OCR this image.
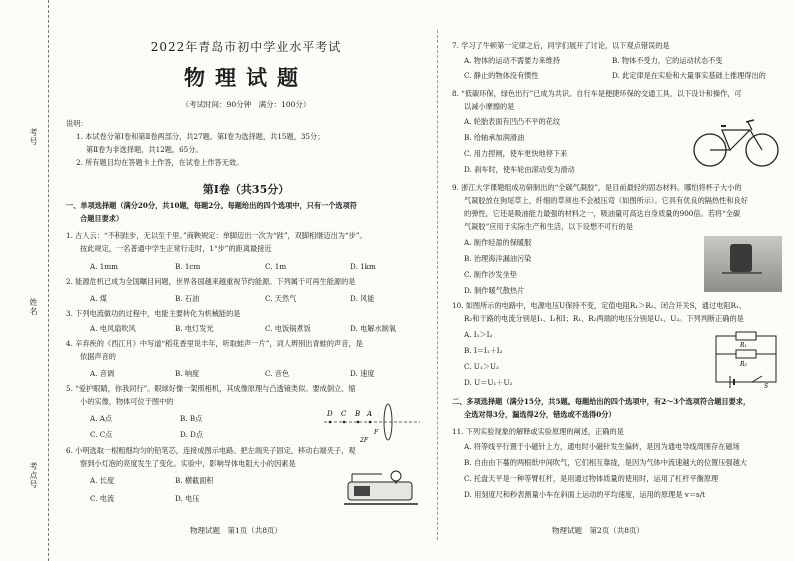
考号
姓名
考点号
2022年青岛市初中学业水平考试
物理试题
（考试时间：90分钟　满分：100分）
说明：
1. 本试卷分第Ⅰ卷和第Ⅱ卷两部分，共27题。第Ⅰ卷为选择题，共15题，35分；
第Ⅱ卷为非选择题，共12题，65分。
2. 所有题目均在答题卡上作答，在试卷上作答无效。
第Ⅰ卷（共35分）
一、单项选择题（满分20分，共10题，每题2分。每题给出的四个选项中，只有一个选项符
合题目要求）
1. 古人云：“不积跬步，无以至千里。”商鞅规定：单脚迈出一次为“跬”，双脚相继迈出为“步”。
按此规定，一名普通中学生正常行走时，1“步”的距离最接近
A. 1mm	B. 1cm	C. 1m	D. 1km
2. 能源危机已成为全国瞩目问题，世界各国越来越重视节约能源。下列属于可再生能源的是
A. 煤	B. 石油	C. 天然气	D. 风能
3. 下列电流做功的过程中，电能主要转化为机械能的是
A. 电风扇吹风	B. 电灯发光	C. 电饭锅煮饭	D. 电解水制氧
4. 辛弃疾的《西江月》中写道“稻花香里说丰年，听取蛙声一片”，词人辨别出青蛙的声音，是
依据声音的
A. 音调	B. 响度	C. 音色	D. 速度
5. “爱护眼睛，你我同行”。眼球好像一架照相机，其成像原理与凸透镜类似。要成倒立、缩
小的实像，物体可位于图中的
A. A点	B. B点
C. C点	D. D点
D C B A
F
2F
6. 小明选取一根粗细均匀的铅笔芯，连接成图示电路。把左端夹子固定，移动右端夹子，观
察到小灯泡的亮度发生了变化。实验中，影响导体电阻大小的因素是
A. 长度	B. 横截面积
C. 电流	D. 电压
物理试题　第1页（共8页）
7. 学习了牛顿第一定律之后，同学们展开了讨论，以下观点错误的是
A. 物体的运动不需要力来维持	B. 物体不受力，它的运动状态不变
C. 静止的物体没有惯性	D. 此定律是在实验和大量事实基础上推理得出的
8. “低碳环保，绿色出行”已成为共识。自行车是便捷环保的交通工具，以下设计和操作，可
以减小摩擦的是
A. 轮胎表面有凹凸不平的花纹
B. 给轴承加润滑油
C. 用力捏闸，使车更快地停下来
D. 刹车时，使车轮由滚动变为滑动
9. 浙江大学课题组成功研制出的“全碳气凝胶”，是目前最轻的固态材料。哪怕将杯子大小的
气凝胶放在狗尾草上，纤细的草须也不会被压弯（如图所示）。它具有优良的隔热性和良好
的弹性，它还是吸油能力最强的材料之一，吸油量可高达自身质量的900倍。若将“全碳
气凝胶”应用于实际生产和生活，以下设想不可行的是
A. 制作轻盈的保暖服
B. 治理海洋漏油污染
C. 制作沙发坐垫
D. 制作暖气散热片
10. 如图所示的电路中，电源电压U保持不变，定值电阻R₁＞R₂。闭合开关S，通过电阻R₁、
R₂和干路的电流分别是I₁、I₂和I；R₁、R₂两端的电压分别是U₁、U₂。下列判断正确的是
A. I₁＞I₂
B. I＝I₁＋I₂
C. U₁＞U₂
D. U＝U₁＋U₂
R₁
R₂
S
二、多项选择题（满分15分，共5题。每题给出的四个选项中，有2～3个选项符合题目要求，
全选对得3分，漏选得2分，错选或不选得0分）
11. 下列实验现象的解释或实验原理的阐述，正确的是
A. 将等线平行置于小磁针上方，通电时小磁针发生偏转，是因为通电导线周围存在磁场
B. 自由由下蔓的两根纸中间吹气，它们相互靠拢，是因为气体中流速越大的位置压强越大
C. 托盘天平是一种等臂杠杆，是用通过物体质量的使用时，运用了杠杆平衡原理
D. 用刻度尺和秒表测量小车在斜面上运动的平均速度，运用的原理是 v＝s/t
物理试题　第2页（共8页）
